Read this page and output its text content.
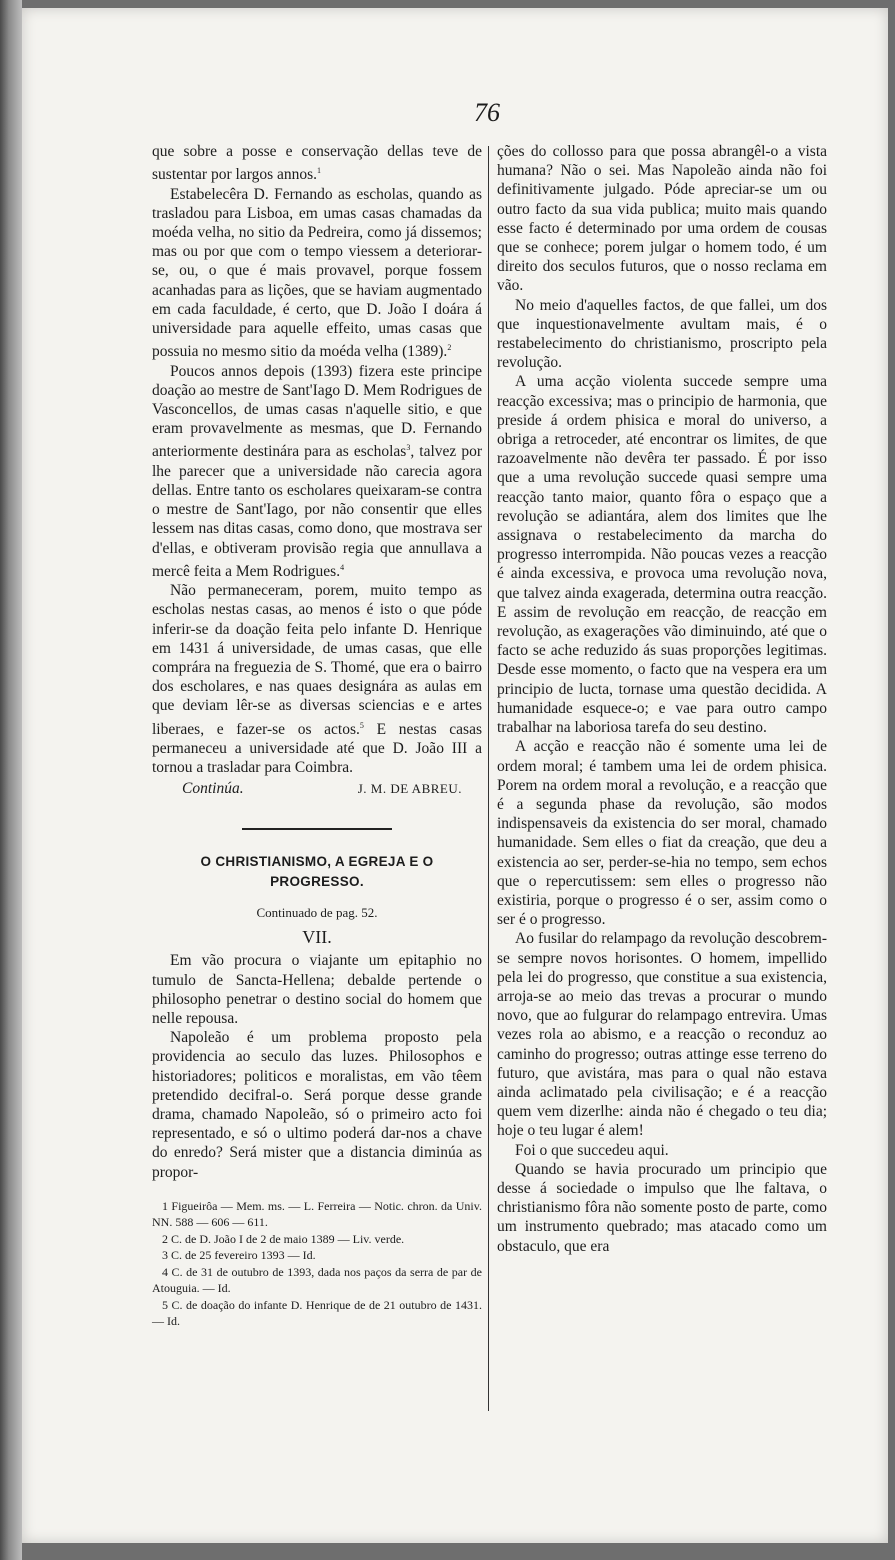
76

que sobre a posse e conservação dellas teve de sustentar por largos annos.$^1$

Estabelecêra D. Fernando as escholas, quando as trasladou para Lisboa, em umas casas chamadas da moéda velha, no sitio da Pedreira, como já dissemos; mas ou por que com o tempo viessem a deteriorar-se, ou, o que é mais provavel, porque fossem acanhadas para as lições, que se haviam augmentado em cada faculdade, é certo, que D. João I doára á universidade para aquelle effeito, umas casas que possuia no mesmo sitio da moéda velha (1389).$^2$

Poucos annos depois (1393) fizera este principe doação ao mestre de Sant'Iago D. Mem Rodrigues de Vasconcellos, de umas casas n'aquelle sitio, e que eram provavelmente as mesmas, que D. Fernando anteriormente destinára para as escholas$^3$, talvez por lhe parecer que a universidade não carecia agora dellas. Entre tanto os escholares queixaram-se contra o mestre de Sant'Iago, por não consentir que elles lessem nas ditas casas, como dono, que mostrava ser d'ellas, e obtiveram provisão regia que annullava a mercê feita a Mem Rodrigues.$^4$

Não permaneceram, porem, muito tempo as escholas nestas casas, ao menos é isto o que póde inferir-se da doação feita pelo infante D. Henrique em 1431 á universidade, de umas casas, que elle comprára na freguezia de S. Thomé, que era o bairro dos escholares, e nas quaes designára as aulas em que deviam lêr-se as diversas sciencias e e artes liberaes, e fazer-se os actos.$^5$ E nestas casas permaneceu a universidade até que D. João III a tornou a trasladar para Coimbra.

Continúa.	J. M. DE ABREU.
O CHRISTIANISMO, A EGREJA E O PROGRESSO.
Continuado de pag. 52.
VII.

Em vão procura o viajante um epitaphio no tumulo de Sancta-Hellena; debalde pertende o philosopho penetrar o destino social do homem que nelle repousa.

Napoleão é um problema proposto pela providencia ao seculo das luzes. Philosophos e historiadores; politicos e moralistas, em vão têem pretendido decifral-o. Será porque desse grande drama, chamado Napoleão, só o primeiro acto foi representado, e só o ultimo poderá dar-nos a chave do enredo? Será mister que a distancia diminúa as propor-

1 Figueirôa — Mem. ms. — L. Ferreira — Notic. chron. da Univ. NN. 588 — 606 — 611.

2 C. de D. João I de 2 de maio 1389 — Liv. verde.

3 C. de 25 fevereiro 1393 — Id.

4 C. de 31 de outubro de 1393, dada nos paços da serra de par de Atouguia. — Id.

5 C. de doação do infante D. Henrique de de 21 outubro de 1431. — Id.

ções do collosso para que possa abrangêl-o a vista humana? Não o sei. Mas Napoleão ainda não foi definitivamente julgado. Póde apreciar-se um ou outro facto da sua vida publica; muito mais quando esse facto é determinado por uma ordem de cousas que se conhece; porem julgar o homem todo, é um direito dos seculos futuros, que o nosso reclama em vão.

No meio d'aquelles factos, de que fallei, um dos que inquestionavelmente avultam mais, é o restabelecimento do christianismo, proscripto pela revolução.

A uma acção violenta succede sempre uma reacção excessiva; mas o principio de harmonia, que preside á ordem phisica e moral do universo, a obriga a retroceder, até encontrar os limites, de que razoavelmente não devêra ter passado. É por isso que a uma revolução succede quasi sempre uma reacção tanto maior, quanto fôra o espaço que a revolução se adiantára, alem dos limites que lhe assignava o restabelecimento da marcha do progresso interrompida. Não poucas vezes a reacção é ainda excessiva, e provoca uma revolução nova, que talvez ainda exagerada, determina outra reacção. E assim de revolução em reacção, de reacção em revolução, as exagerações vão diminuindo, até que o facto se ache reduzido ás suas proporções legitimas. Desde esse momento, o facto que na vespera era um principio de lucta, tornase uma questão decidida. A humanidade esquece-o; e vae para outro campo trabalhar na laboriosa tarefa do seu destino.

A acção e reacção não é somente uma lei de ordem moral; é tambem uma lei de ordem phisica. Porem na ordem moral a revolução, e a reacção que é a segunda phase da revolução, são modos indispensaveis da existencia do ser moral, chamado humanidade. Sem elles o fiat da creação, que deu a existencia ao ser, perder-se-hia no tempo, sem echos que o repercutissem: sem elles o progresso não existiria, porque o progresso é o ser, assim como o ser é o progresso.

Ao fusilar do relampago da revolução descobrem-se sempre novos horisontes. O homem, impellido pela lei do progresso, que constitue a sua existencia, arroja-se ao meio das trevas a procurar o mundo novo, que ao fulgurar do relampago entrevira. Umas vezes rola ao abismo, e a reacção o reconduz ao caminho do progresso; outras attinge esse terreno do futuro, que avistára, mas para o qual não estava ainda aclimatado pela civilisação; e é a reacção quem vem dizerlhe: ainda não é chegado o teu dia; hoje o teu lugar é alem!

Foi o que succedeu aqui.

Quando se havia procurado um principio que desse á sociedade o impulso que lhe faltava, o christianismo fôra não somente posto de parte, como um instrumento quebrado; mas atacado como um obstaculo, que era
